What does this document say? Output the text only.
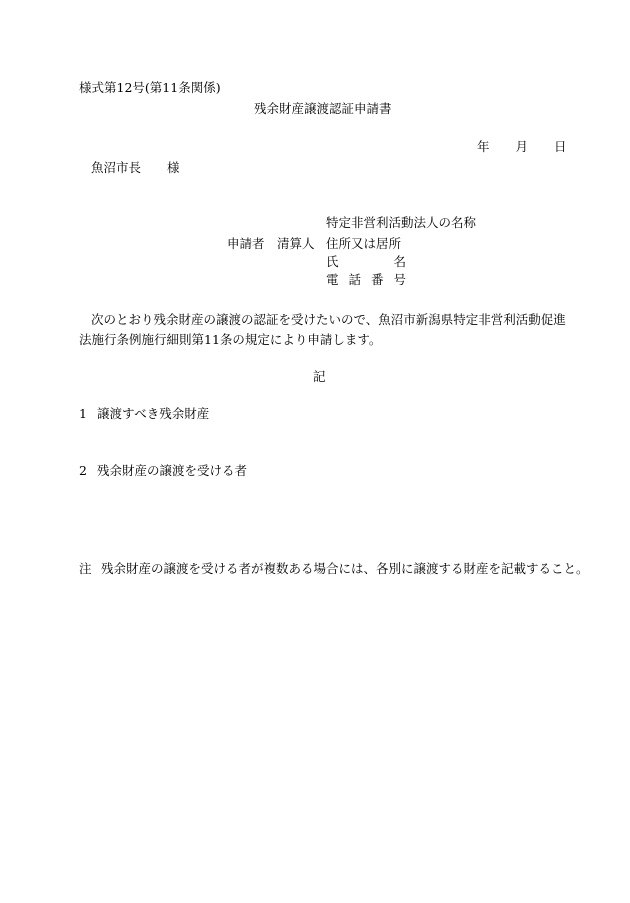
様式第12号(第11条関係)
残余財産譲渡認証申請書
年 月 日
魚沼市長 様
特定非営利活動法人の名称
申請者 清算人 住所又は居所
氏	名
電 話 番 号
次のとおり残余財産の譲渡の認証を受けたいので、魚沼市新潟県特定非営利活動促進法施行条例施行細則第11条の規定により申請します。
記
1 譲渡すべき残余財産
2 残余財産の譲渡を受ける者
注 残余財産の譲渡を受ける者が複数ある場合には、各別に譲渡する財産を記載すること。
